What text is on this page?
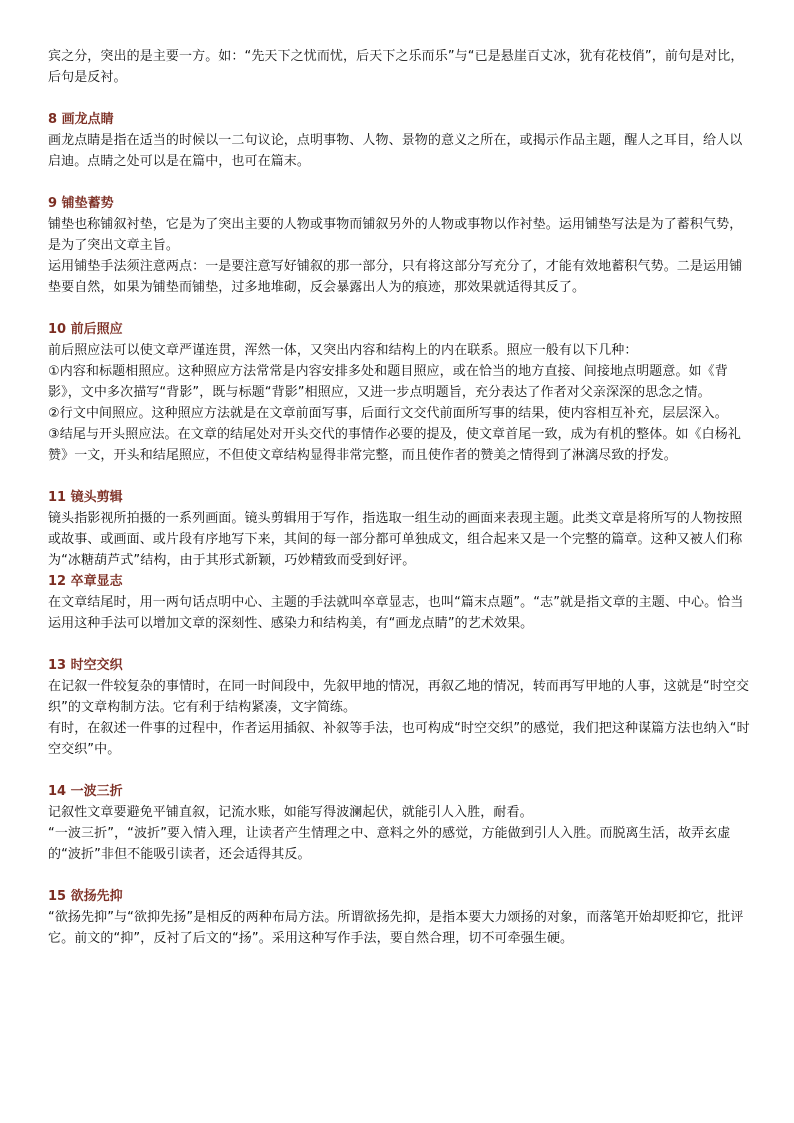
宾之分，突出的是主要一方。如：“先天下之忧而忧，后天下之乐而乐”与“已是悬崖百丈冰，犹有花枝俏”，前句是对比，后句是反衬。

8 画龙点睛

画龙点睛是指在适当的时候以一二句议论，点明事物、人物、景物的意义之所在，或揭示作品主题，醒人之耳目，给人以启迪。点睛之处可以是在篇中，也可在篇末。

9 铺垫蓄势

铺垫也称铺叙衬垫，它是为了突出主要的人物或事物而铺叙另外的人物或事物以作衬垫。运用铺垫写法是为了蓄积气势，是为了突出文章主旨。

运用铺垫手法须注意两点：一是要注意写好铺叙的那一部分，只有将这部分写充分了，才能有效地蓄积气势。二是运用铺垫要自然，如果为铺垫而铺垫，过多地堆砌，反会暴露出人为的痕迹，那效果就适得其反了。

10 前后照应

前后照应法可以使文章严谨连贯，浑然一体，又突出内容和结构上的内在联系。照应一般有以下几种：

①内容和标题相照应。这种照应方法常常是内容安排多处和题目照应，或在恰当的地方直接、间接地点明题意。如《背影》，文中多次描写“背影”，既与标题“背影”相照应，又进一步点明题旨，充分表达了作者对父亲深深的思念之情。

②行文中间照应。这种照应方法就是在文章前面写事，后面行文交代前面所写事的结果，使内容相互补充，层层深入。

③结尾与开头照应法。在文章的结尾处对开头交代的事情作必要的提及，使文章首尾一致，成为有机的整体。如《白杨礼赞》一文，开头和结尾照应，不但使文章结构显得非常完整，而且使作者的赞美之情得到了淋漓尽致的抒发。

11 镜头剪辑

镜头指影视所拍摄的一系列画面。镜头剪辑用于写作，指选取一组生动的画面来表现主题。此类文章是将所写的人物按照或故事、或画面、或片段有序地写下来，其间的每一部分都可单独成文，组合起来又是一个完整的篇章。这种又被人们称为“冰糖葫芦式”结构，由于其形式新颖，巧妙精致而受到好评。

12 卒章显志

在文章结尾时，用一两句话点明中心、主题的手法就叫卒章显志，也叫“篇末点题”。“志”就是指文章的主题、中心。恰当运用这种手法可以增加文章的深刻性、感染力和结构美，有“画龙点睛”的艺术效果。

13 时空交织

在记叙一件较复杂的事情时，在同一时间段中，先叙甲地的情况，再叙乙地的情况，转而再写甲地的人事，这就是“时空交织”的文章构制方法。它有利于结构紧凑，文字简练。

有时，在叙述一件事的过程中，作者运用插叙、补叙等手法，也可构成“时空交织”的感觉，我们把这种谋篇方法也纳入“时空交织”中。

14 一波三折

记叙性文章要避免平铺直叙，记流水账，如能写得波澜起伏，就能引人入胜，耐看。

“一波三折”，“波折”要入情入理，让读者产生情理之中、意料之外的感觉，方能做到引人入胜。而脱离生活，故弄玄虚的“波折”非但不能吸引读者，还会适得其反。

15 欲扬先抑

“欲扬先抑”与“欲抑先扬”是相反的两种布局方法。所谓欲扬先抑，是指本要大力颂扬的对象，而落笔开始却贬抑它，批评它。前文的“抑”，反衬了后文的“扬”。采用这种写作手法，要自然合理，切不可牵强生硬。
